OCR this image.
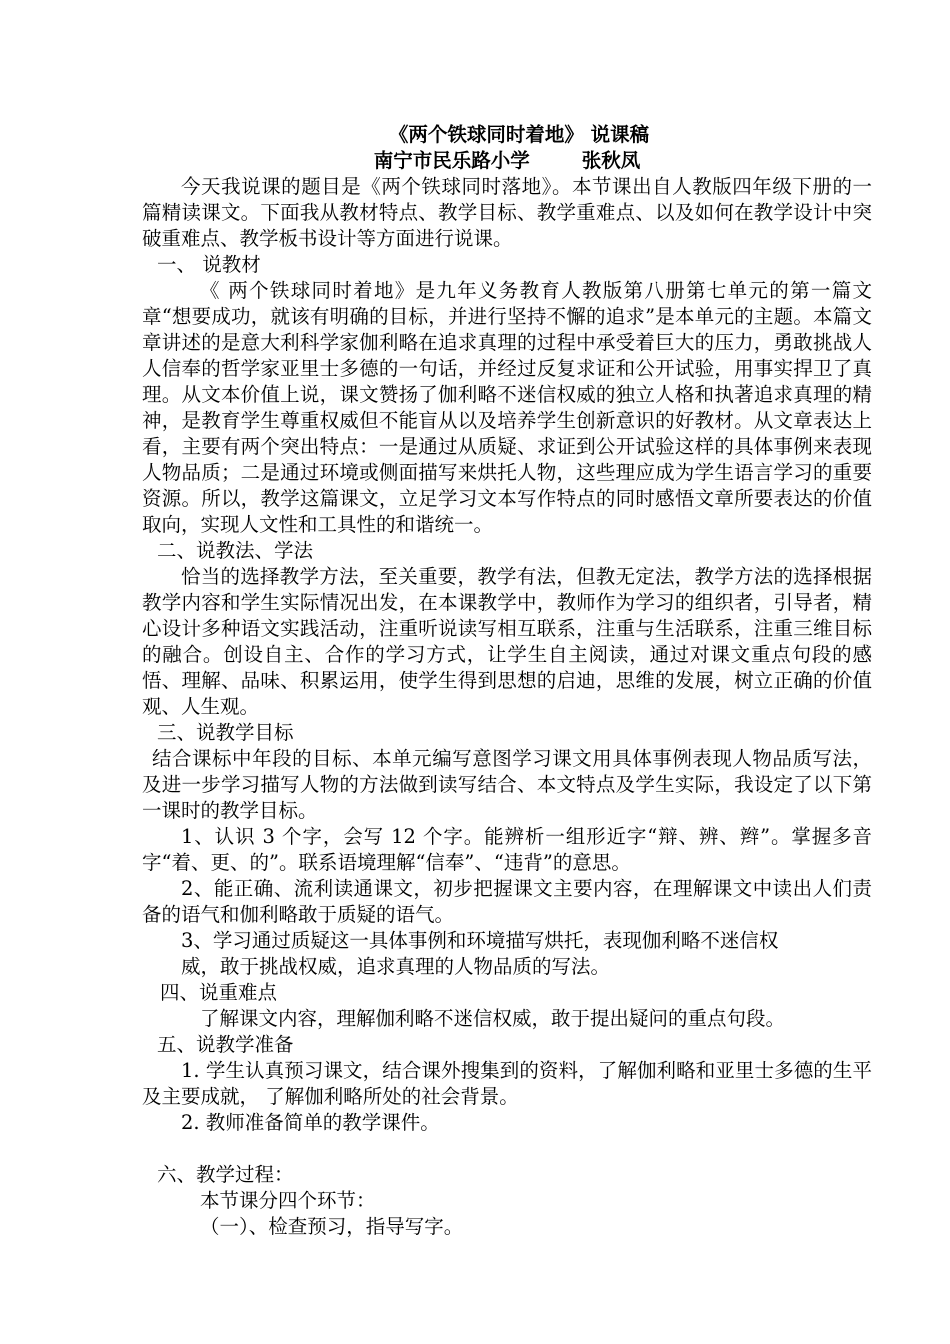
《两个铁球同时着地》 说课稿
南宁市民乐路小学	张秋凤

今天我说课的题目是《两个铁球同时落地》。本节课出自人教版四年级下册的一篇精读课文。下面我从教材特点、教学目标、教学重难点、以及如何在教学设计中突破重难点、教学板书设计等方面进行说课。

一、 说教材

《 两个铁球同时着地》是九年义务教育人教版第八册第七单元的第一篇文章“想要成功，就该有明确的目标，并进行坚持不懈的追求”是本单元的主题。本篇文章讲述的是意大利科学家伽利略在追求真理的过程中承受着巨大的压力，勇敢挑战人人信奉的哲学家亚里士多德的一句话，并经过反复求证和公开试验，用事实捍卫了真理。从文本价值上说，课文赞扬了伽利略不迷信权威的独立人格和执著追求真理的精神，是教育学生尊重权威但不能盲从以及培养学生创新意识的好教材。从文章表达上看，主要有两个突出特点：一是通过从质疑、求证到公开试验这样的具体事例来表现人物品质；二是通过环境或侧面描写来烘托人物，这些理应成为学生语言学习的重要资源。所以，教学这篇课文，立足学习文本写作特点的同时感悟文章所要表达的价值取向，实现人文性和工具性的和谐统一。

二、说教法、学法

恰当的选择教学方法，至关重要，教学有法，但教无定法，教学方法的选择根据教学内容和学生实际情况出发，在本课教学中，教师作为学习的组织者，引导者，精心设计多种语文实践活动，注重听说读写相互联系，注重与生活联系，注重三维目标的融合。创设自主、合作的学习方式，让学生自主阅读，通过对课文重点句段的感悟、理解、品味、积累运用，使学生得到思想的启迪，思维的发展，树立正确的价值观、人生观。

三、说教学目标

结合课标中年段的目标、本单元编写意图学习课文用具体事例表现人物品质写法，及进一步学习描写人物的方法做到读写结合、本文特点及学生实际，我设定了以下第一课时的教学目标。

1、认识 3 个字，会写 12 个字。能辨析一组形近字“辩、辨、辫”。掌握多音字“着、更、的”。联系语境理解“信奉”、“违背”的意思。

2、能正确、流利读通课文，初步把握课文主要内容，在理解课文中读出人们责备的语气和伽利略敢于质疑的语气。

3、学习通过质疑这一具体事例和环境描写烘托，表现伽利略不迷信权

威，敢于挑战权威，追求真理的人物品质的写法。

四、说重难点

了解课文内容，理解伽利略不迷信权威，敢于提出疑问的重点句段。

五、说教学准备

1. 学生认真预习课文，结合课外搜集到的资料，了解伽利略和亚里士多德的生平及主要成就， 了解伽利略所处的社会背景。

2. 教师准备简单的教学课件。

六、教学过程：
本节课分四个环节：
（一）、检查预习，指导写字。
